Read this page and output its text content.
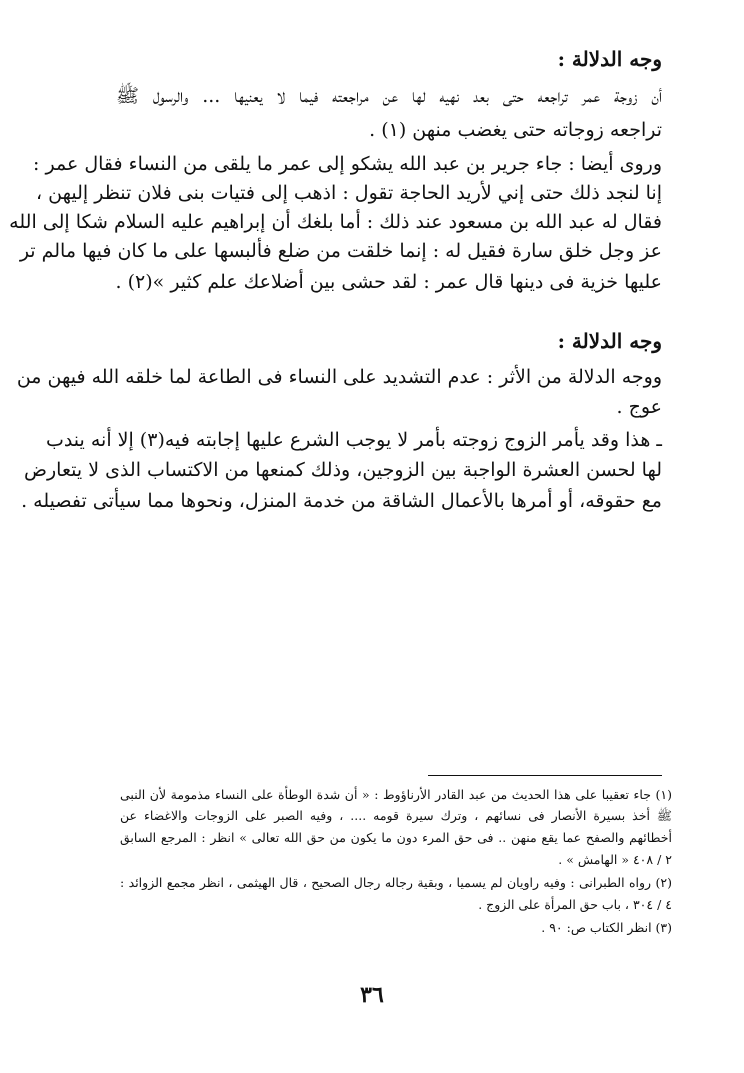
وجه الدلالة :
أن زوجة عمر تراجعه حتى بعد نهيه لها عن مراجعته فيما لا يعنيها ... والرسول ﷺ
تراجعه زوجاته حتى يغضب منهن (١) .
وروى أيضا : جاء جرير بن عبد الله يشكو إلى عمر ما يلقى من النساء فقال عمر :
إنا لنجد ذلك حتى إني لأريد الحاجة تقول : اذهب إلى فتيات بنى فلان تنظر إليهن ،
فقال له عبد الله بن مسعود عند ذلك : أما بلغك أن إبراهيم عليه السلام شكا إلى الله
عز وجل خلق سارة فقيل له : إنما خلقت من ضلع فألبسها على ما كان فيها مالم تر
عليها خزية فى دينها قال عمر : لقد حشى بين أضلاعك علم كثير »(٢) .
وجه الدلالة :
ووجه الدلالة من الأثر : عدم التشديد على النساء فى الطاعة لما خلقه الله فيهن من
عوج .
ـ هذا وقد يأمر الزوج زوجته بأمر لا يوجب الشرع عليها إجابته فيه(٣) إلا أنه يندب
لها لحسن العشرة الواجبة بين الزوجين، وذلك كمنعها من الاكتساب الذى لا يتعارض
مع حقوقه، أو أمرها بالأعمال الشاقة من خدمة المنزل، ونحوها مما سيأتى تفصيله .
(١) جاء تعقيبا على هذا الحديث من عبد القادر الأرناؤوط : « أن شدة الوطأة على النساء مذمومة لأن النبى
ﷺ أخذ بسيرة الأنصار فى نسائهم ، وترك سيرة قومه .... ، وفيه الصبر على الزوجات والاغضاء عن
أخطائهم والصفح عما يقع منهن .. فى حق المرء دون ما يكون من حق الله تعالى » انظر : المرجع السابق
٢ / ٤٠٨ « الهامش » .
(٢) رواه الطبرانى : وفيه راويان لم يسميا ، وبقية رجاله رجال الصحيح ، قال الهيثمى ، انظر مجمع الزوائد :
٤ / ٣٠٤ ، باب حق المرأة على الزوج .
(٣) انظر الكتاب ص: ٩٠ .
٣٦
